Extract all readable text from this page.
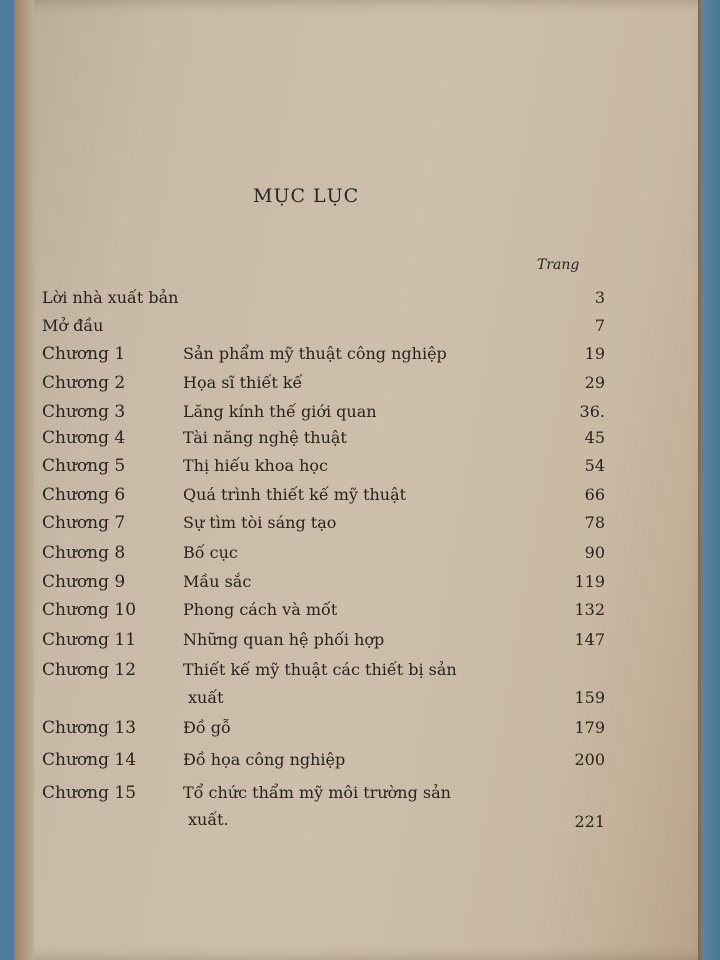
MỤC LỤC
Trang
Lời nhà xuất bản	3
Mở đầu	7
Chương 1	Sản phẩm mỹ thuật công nghiệp	19
Chương 2	Họa sĩ thiết kế	29
Chương 3	Lăng kính thế giới quan	36.
Chương 4	Tài năng nghệ thuật	45
Chương 5	Thị hiếu khoa học	54
Chương 6	Quá trình thiết kế mỹ thuật	66
Chương 7	Sự tìm tòi sáng tạo	78
Chương 8	Bố cục	90
Chương 9	Mầu sắc	119
Chương 10	Phong cách và mốt	132
Chương 11	Những quan hệ phối hợp	147
Chương 12	Thiết kế mỹ thuật các thiết bị sản
xuất	159
Chương 13	Đồ gỗ	179
Chương 14	Đồ họa công nghiệp	200
Chương 15	Tổ chức thẩm mỹ môi trường sản
xuất.	221
